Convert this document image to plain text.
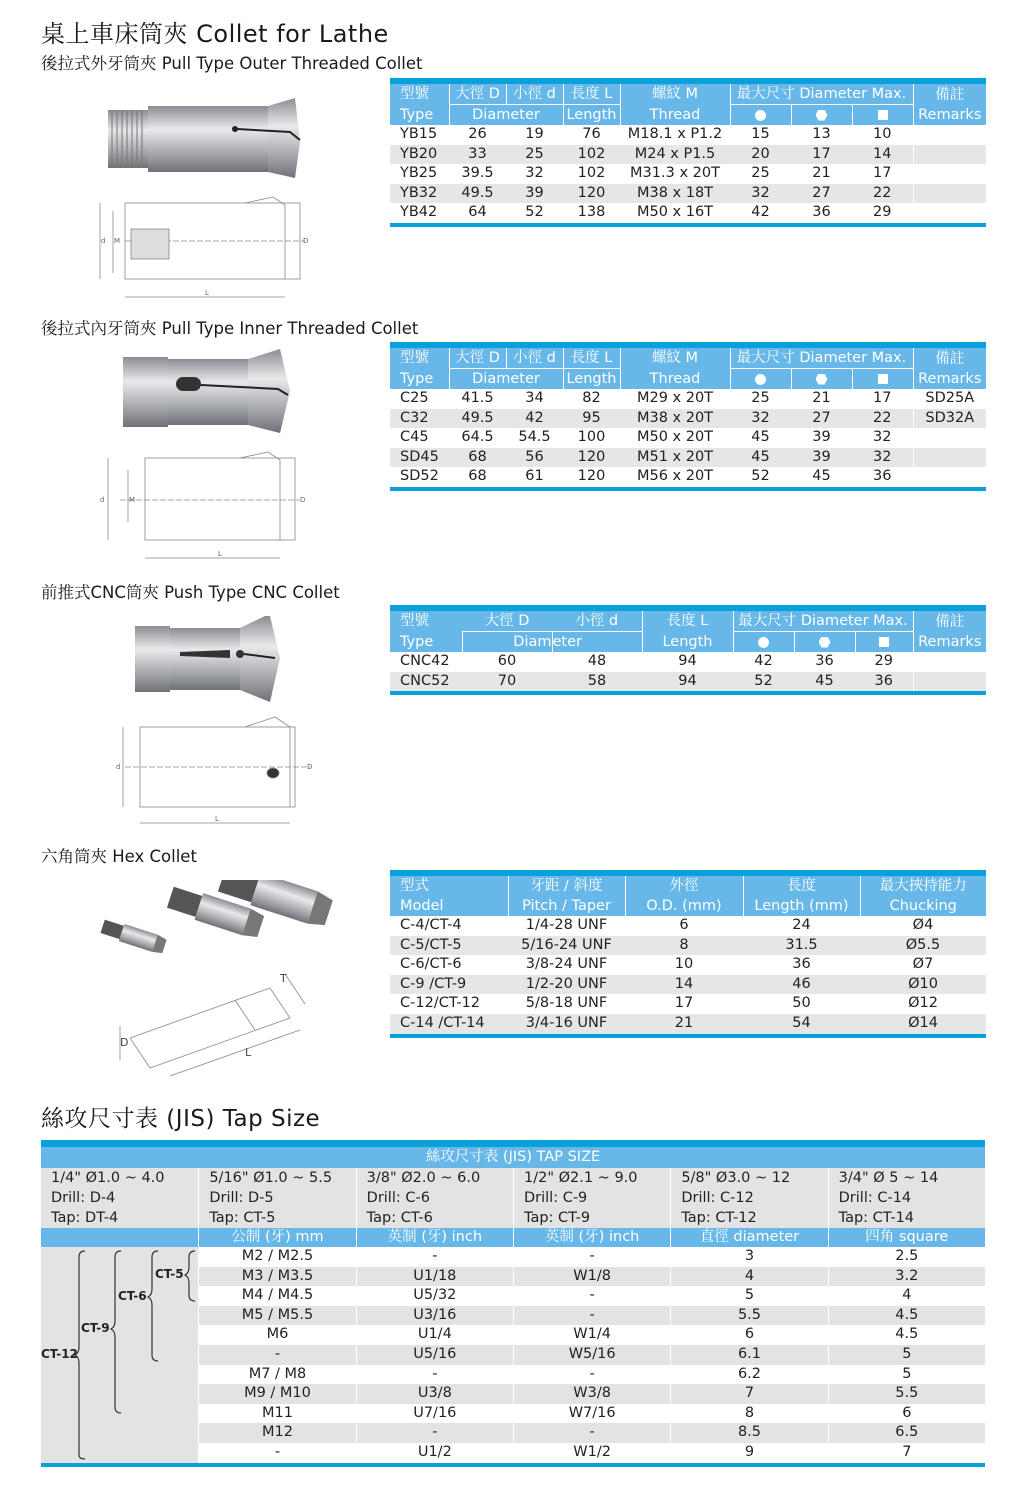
桌上車床筒夾 Collet for Lathe
後拉式外牙筒夾 Pull Type Outer Threaded Collet
d M	D
L

型號	大徑 D	小徑 d	長度 L	螺紋 M	最大尺寸 Diameter Max.			備註
Remarks
Type	Diameter		Length	Thread				
YB15	26	19	76	M18.1 x P1.2	15	13	10	
YB20	33	25	102	M24 x P1.5	20	17	14	
YB25	39.5	32	102	M31.3 x 20T	25	21	17	
YB32	49.5	39	120	M38 x 18T	32	27	22	
YB42	64	52	138	M50 x 16T	42	36	29	

後拉式內牙筒夾 Pull Type Inner Threaded Collet
d	M	D
L

型號	大徑 D	小徑 d	長度 L	螺紋 M	最大尺寸 Diameter Max.			備註
Remarks
Type	Diameter		Length	Thread				
C25	41.5	34	82	M29 x 20T	25	21	17	SD25A
C32	49.5	42	95	M38 x 20T	32	27	22	SD32A
C45	64.5	54.5	100	M50 x 20T	45	39	32	
SD45	68	56	120	M51 x 20T	45	39	32	
SD52	68	61	120	M56 x 20T	52	45	36	

前推式CNC筒夾 Push Type CNC Collet
d	D
L

型號	大徑 D	小徑 d	長度 L	最大尺寸 Diameter Max.			備註
Remarks
Type	Diam	eter	Length				
CNC42	60	48	94	42	36	29	
CNC52	70	58	94	52	45	36	

六角筒夾 Hex Collet
T
D
L

型式	牙距 / 斜度	外徑	長度	最大挾持能力
Model	Pitch / Taper	O.D. (mm)	Length (mm)	Chucking
C-4/CT-4	1/4-28 UNF	6	24	Ø4
C-5/CT-5	5/16-24 UNF	8	31.5	Ø5.5
C-6/CT-6	3/8-24 UNF	10	36	Ø7
C-9 /CT-9	1/2-20 UNF	14	46	Ø10
C-12/CT-12	5/8-18 UNF	17	50	Ø12
C-14 /CT-14	3/4-16 UNF	21	54	Ø14

絲攻尺寸表 (JIS) Tap Size
絲攻尺寸表 (JIS) TAP SIZE
1/4" Ø1.0 ~ 4.0
Drill: D-4
Tap: DT-4
5/16" Ø1.0 ~ 5.5
Drill: D-5
Tap: CT-5
3/8" Ø2.0 ~ 6.0
Drill: C-6
Tap: CT-6
1/2" Ø2.1 ~ 9.0
Drill: C-9
Tap: CT-9
5/8" Ø3.0 ~ 12
Drill: C-12
Tap: CT-12
3/4" Ø 5 ~ 14
Drill: C-14
Tap: CT-14
公制 (牙) mm	英制 (牙) inch	英制 (牙) inch	直徑 diameter	四角 square
CT-5
CT-6
CT-9
CT-12
M2 / M2.5	-	-	3	2.5
M3 / M3.5	U1/18	W1/8	4	3.2
M4 / M4.5	U5/32	-	5	4
M5 / M5.5	U3/16	-	5.5	4.5
M6	U1/4	W1/4	6	4.5
-	U5/16	W5/16	6.1	5
M7 / M8	-	-	6.2	5
M9 / M10	U3/8	W3/8	7	5.5
M11	U7/16	W7/16	8	6
M12	-	-	8.5	6.5
-	U1/2	W1/2	9	7
